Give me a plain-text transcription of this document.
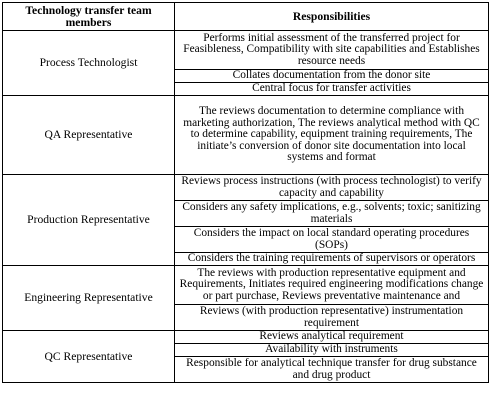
Technology transfer team members	Responsibilities
Process Technologist	Performs initial assessment of the transferred project for Feasibleness, Compatibility with site capabilities and Establishes resource needs
	Collates documentation from the donor site
	Central focus for transfer activities
QA Representative	The reviews documentation to determine compliance with marketing authorization, The reviews analytical method with QC to determine capability, equipment training requirements, The initiate’s conversion of donor site documentation into local systems and format
Production Representative	Reviews process instructions (with process technologist) to verify capacity and capability
	Considers any safety implications, e.g., solvents; toxic; sanitizing materials
	Considers the impact on local standard operating procedures (SOPs)
	Considers the training requirements of supervisors or operators
Engineering Representative	The reviews with production representative equipment and Requirements, Initiates required engineering modifications change or part purchase, Reviews preventative maintenance and
	Reviews (with production representative) instrumentation requirement
QC Representative	Reviews analytical requirement
	Availability with instruments
	Responsible for analytical technique transfer for drug substance and drug product
